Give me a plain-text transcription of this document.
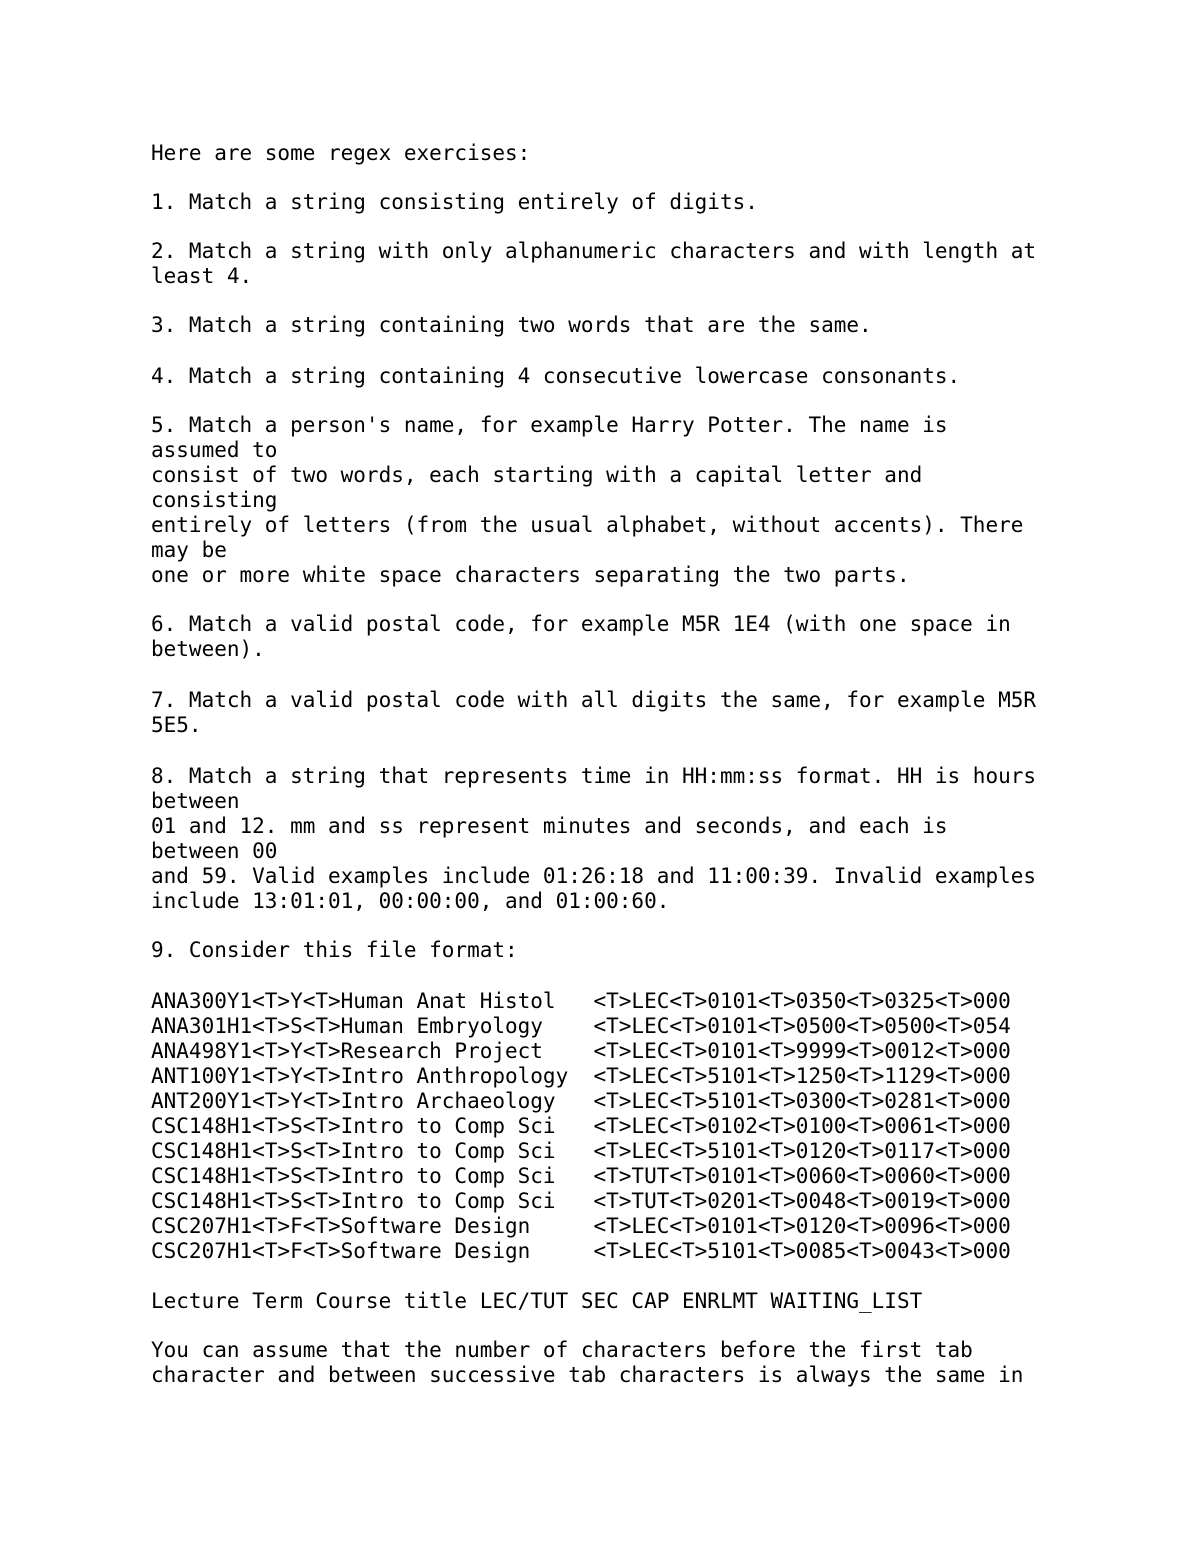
Here are some regex exercises:
1. Match a string consisting entirely of digits.
2. Match a string with only alphanumeric characters and with length at
least 4.
3. Match a string containing two words that are the same.
4. Match a string containing 4 consecutive lowercase consonants.
5. Match a person's name, for example Harry Potter. The name is
assumed to
consist of two words, each starting with a capital letter and
consisting
entirely of letters (from the usual alphabet, without accents). There
may be
one or more white space characters separating the two parts.
6. Match a valid postal code, for example M5R 1E4 (with one space in
between).
7. Match a valid postal code with all digits the same, for example M5R
5E5.
8. Match a string that represents time in HH:mm:ss format. HH is hours
between
01 and 12. mm and ss represent minutes and seconds, and each is
between 00
and 59. Valid examples include 01:26:18 and 11:00:39. Invalid examples
include 13:01:01, 00:00:00, and 01:00:60.
9. Consider this file format:
ANA300Y1<T>Y<T>Human Anat Histol   <T>LEC<T>0101<T>0350<T>0325<T>000
ANA301H1<T>S<T>Human Embryology    <T>LEC<T>0101<T>0500<T>0500<T>054
ANA498Y1<T>Y<T>Research Project    <T>LEC<T>0101<T>9999<T>0012<T>000
ANT100Y1<T>Y<T>Intro Anthropology  <T>LEC<T>5101<T>1250<T>1129<T>000
ANT200Y1<T>Y<T>Intro Archaeology   <T>LEC<T>5101<T>0300<T>0281<T>000
CSC148H1<T>S<T>Intro to Comp Sci   <T>LEC<T>0102<T>0100<T>0061<T>000
CSC148H1<T>S<T>Intro to Comp Sci   <T>LEC<T>5101<T>0120<T>0117<T>000
CSC148H1<T>S<T>Intro to Comp Sci   <T>TUT<T>0101<T>0060<T>0060<T>000
CSC148H1<T>S<T>Intro to Comp Sci   <T>TUT<T>0201<T>0048<T>0019<T>000
CSC207H1<T>F<T>Software Design     <T>LEC<T>0101<T>0120<T>0096<T>000
CSC207H1<T>F<T>Software Design     <T>LEC<T>5101<T>0085<T>0043<T>000
Lecture Term Course title LEC/TUT SEC CAP ENRLMT WAITING_LIST
You can assume that the number of characters before the first tab
character and between successive tab characters is always the same in
